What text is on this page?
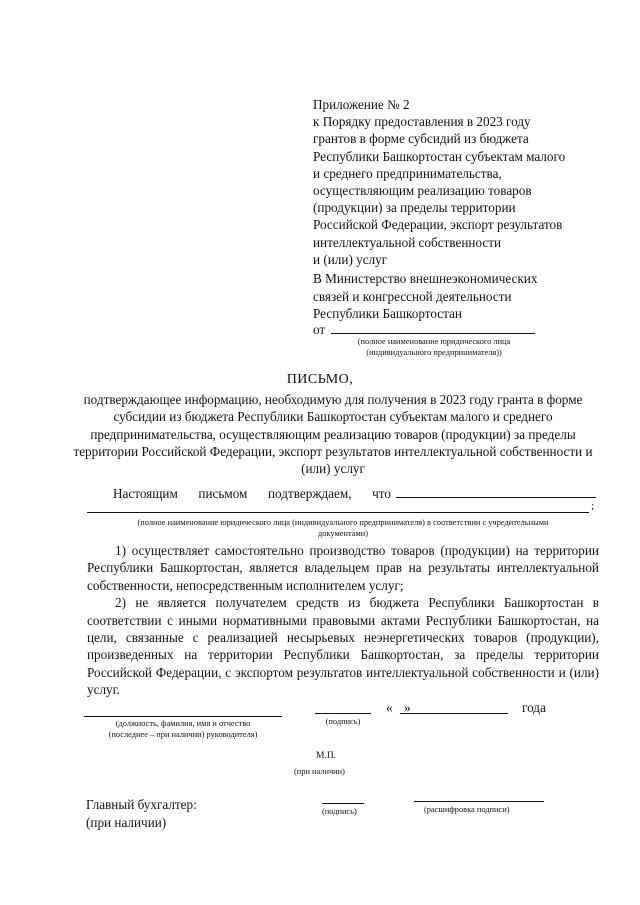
Приложение № 2
к Порядку предоставления в 2023 году
грантов в форме субсидий из бюджета
Республики Башкортостан субъектам малого
и среднего предпринимательства,
осуществляющим реализацию товаров
(продукции) за пределы территории
Российской Федерации, экспорт результатов
интеллектуальной собственности
и (или) услуг
В Министерство внешнеэкономических
связей и конгрессной деятельности
Республики Башкортостан
от
(полное наименование юридического лица
(индивидуального предпринимателя))
ПИСЬМО,
подтверждающее информацию, необходимую для получения в 2023 году гранта в форме субсидии из бюджета Республики Башкортостан субъектам малого и среднего предпринимательства, осуществляющим реализацию товаров (продукции) за пределы территории Российской Федерации, экспорт результатов интеллектуальной собственности и (или) услуг
Настоящим письмом подтверждаем, что
;
(полное наименование юридического лица (индивидуального предпринимателя) в соответствии с учредительными
документами)

1) осуществляет самостоятельно производство товаров (продукции) на территории Республики Башкортостан, является владельцем прав на результаты интеллектуальной собственности, непосредственным исполнителем услуг;

2) не является получателем средств из бюджета Республики Башкортостан в соответствии с иными нормативными правовыми актами Республики Башкортостан, на цели, связанные с реализацией несырьевых неэнергетических товаров (продукции), произведенных на территории Республики Башкортостан, за пределы территории Российской Федерации, с экспортом результатов интеллектуальной собственности и (или) услуг.

(должность, фамилия, имя и отчество
(последнее – при наличии) руководителя)
(подпись)
« »	года
М.П.
(при наличии)
Главный бухгалтер:
(при наличии)
(подпись)	(расшифровка подписи)
